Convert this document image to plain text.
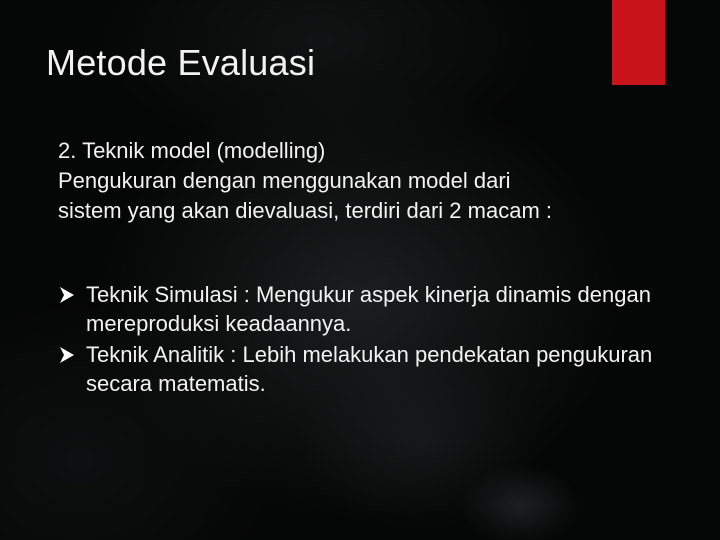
Metode Evaluasi

2. Teknik model (modelling)

Pengukuran dengan menggunakan model dari

sistem yang akan dievaluasi, terdiri dari 2 macam :

Teknik Simulasi : Mengukur aspek kinerja dinamis dengan mereproduksi keadaannya.
Teknik Analitik : Lebih melakukan pendekatan pengukuran secara matematis.
